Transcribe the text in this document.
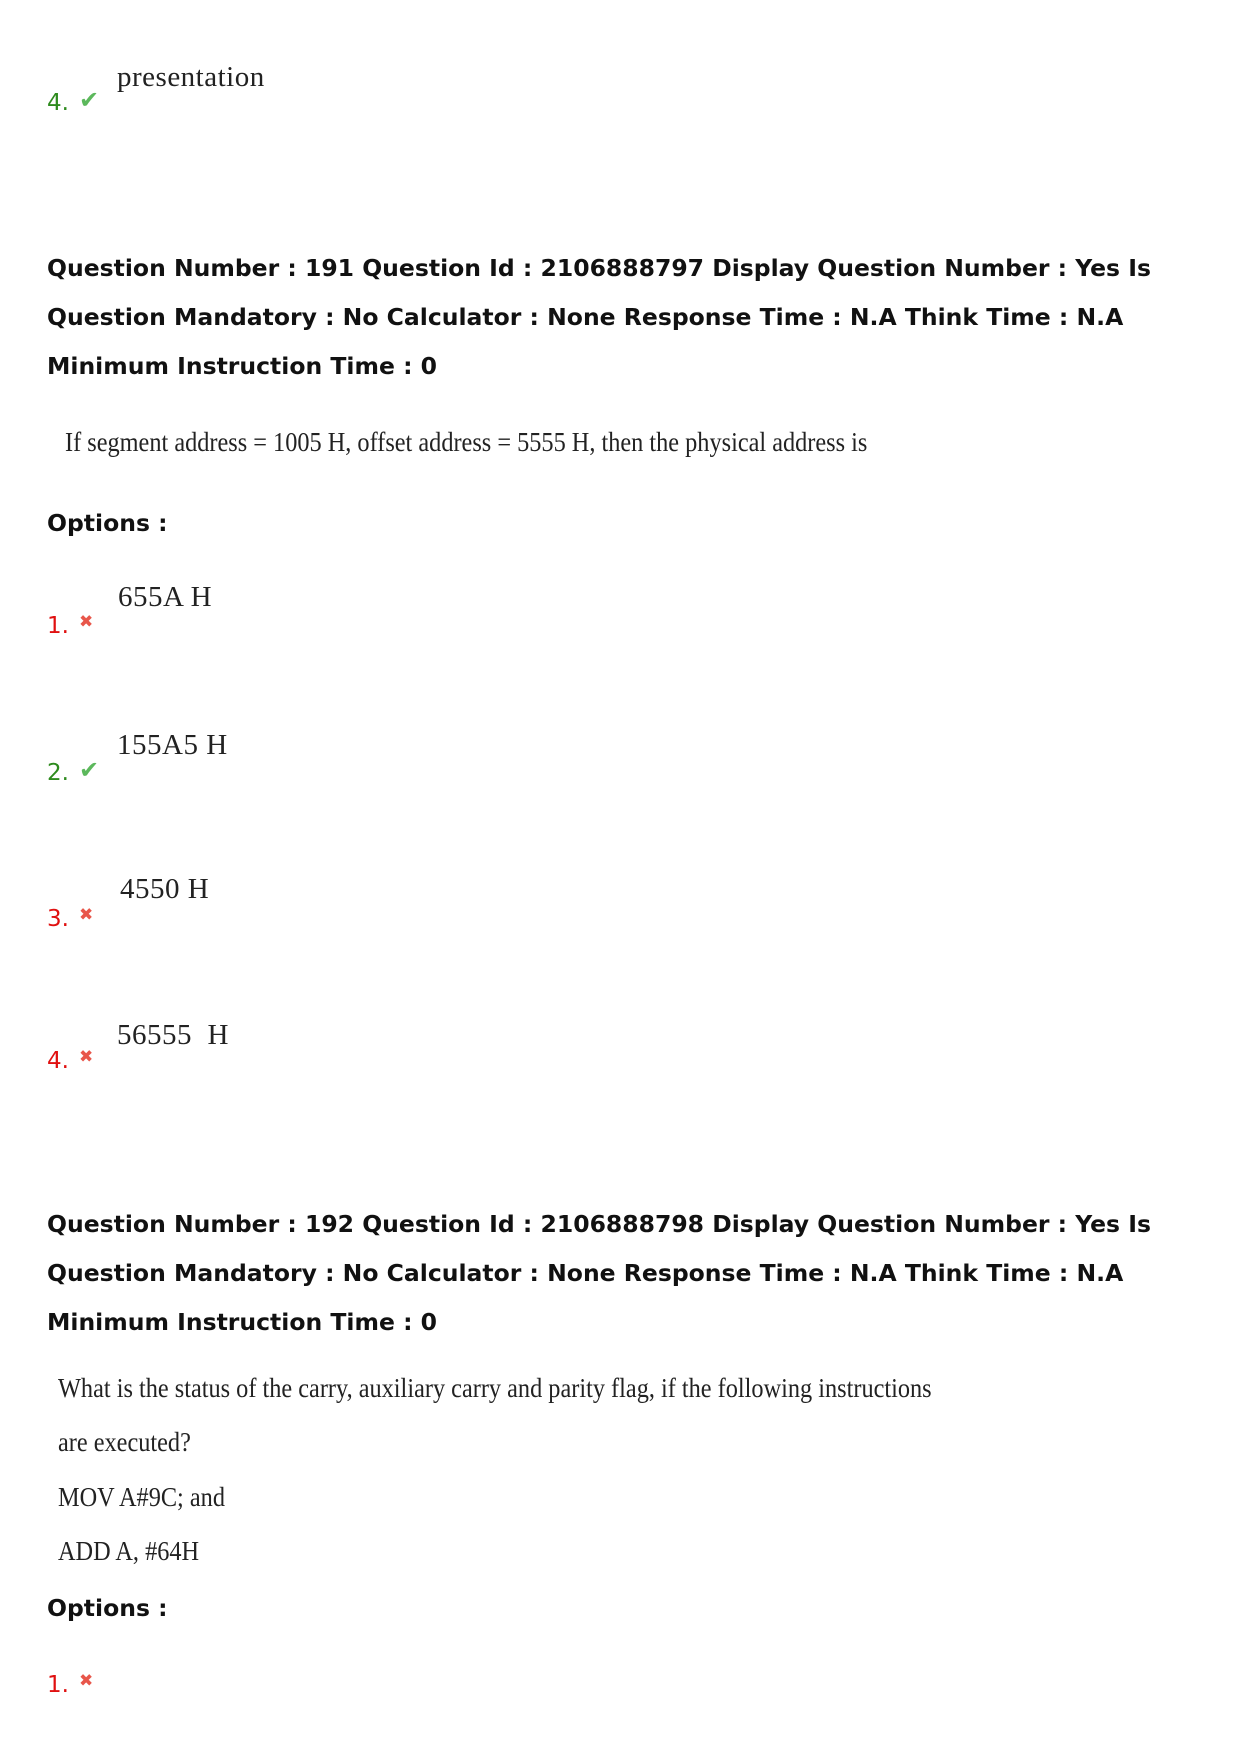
4. ✔
presentation
Question Number : 191 Question Id : 2106888797 Display Question Number : Yes Is Question Mandatory : No Calculator : None Response Time : N.A Think Time : N.A Minimum Instruction Time : 0
If segment address = 1005 H, offset address = 5555 H, then the physical address is
Options :
1. ✖
655A H
2. ✔
155A5 H
3. ✖
4550 H
4. ✖
56555  H
Question Number : 192 Question Id : 2106888798 Display Question Number : Yes Is Question Mandatory : No Calculator : None Response Time : N.A Think Time : N.A Minimum Instruction Time : 0
What is the status of the carry, auxiliary carry and parity flag, if the following instructions
are executed?
MOV A#9C; and
ADD A, #64H
Options :
1. ✖
